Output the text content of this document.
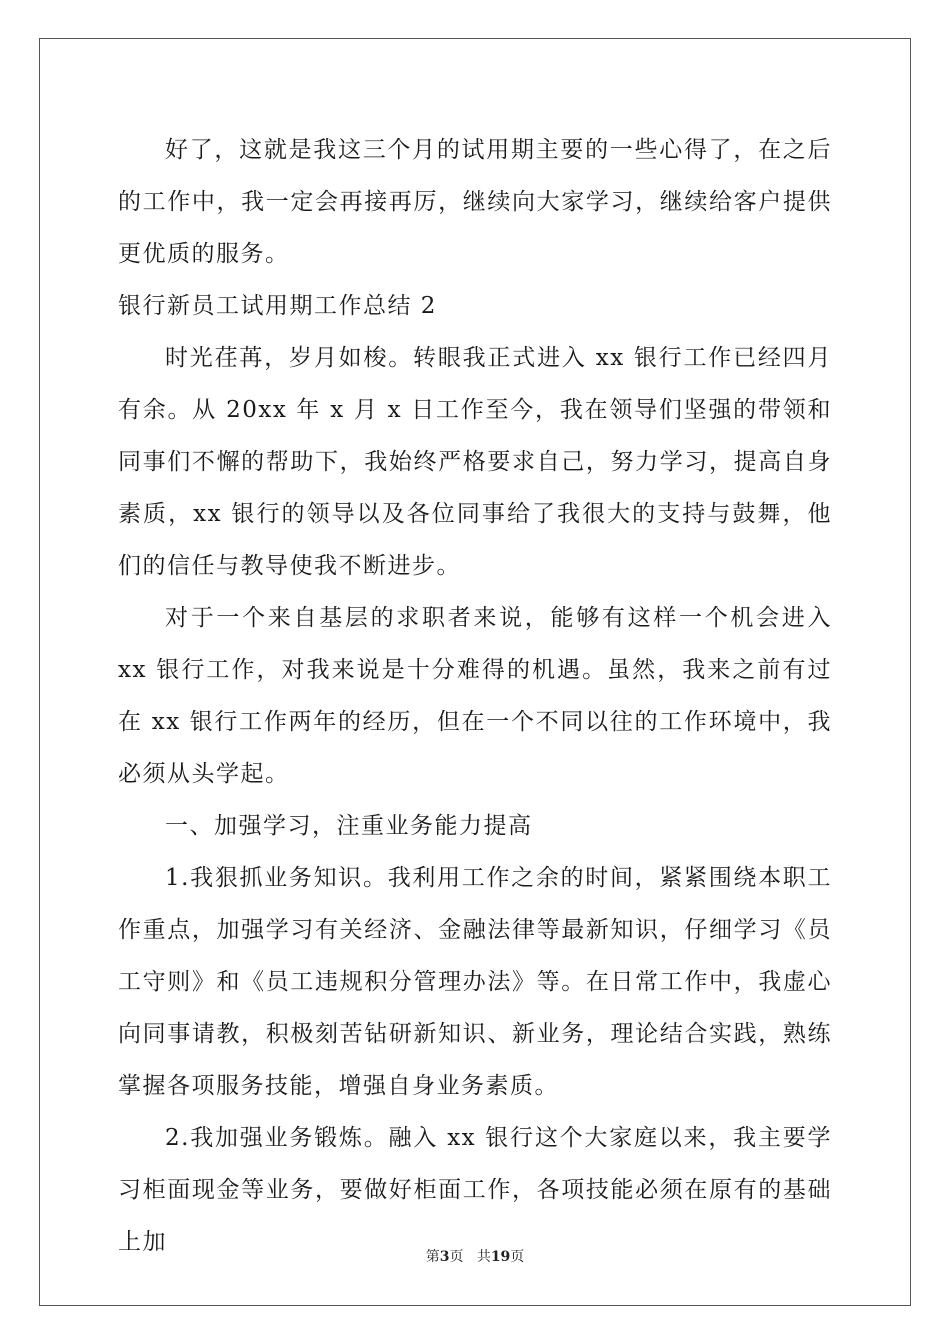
好了，这就是我这三个月的试用期主要的一些心得了，在之后的工作中，我一定会再接再厉，继续向大家学习，继续给客户提供更优质的服务。

银行新员工试用期工作总结 2

时光荏苒，岁月如梭。转眼我正式进入 xx 银行工作已经四月有余。从 20xx 年 x 月 x 日工作至今，我在领导们坚强的带领和同事们不懈的帮助下，我始终严格要求自己，努力学习，提高自身素质，xx 银行的领导以及各位同事给了我很大的支持与鼓舞，他们的信任与教导使我不断进步。

对于一个来自基层的求职者来说，能够有这样一个机会进入 xx 银行工作，对我来说是十分难得的机遇。虽然，我来之前有过在 xx 银行工作两年的经历，但在一个不同以往的工作环境中，我必须从头学起。

一、加强学习，注重业务能力提高

1.我狠抓业务知识。我利用工作之余的时间，紧紧围绕本职工作重点，加强学习有关经济、金融法律等最新知识，仔细学习《员工守则》和《员工违规积分管理办法》等。在日常工作中，我虚心向同事请教，积极刻苦钻研新知识、新业务，理论结合实践，熟练掌握各项服务技能，增强自身业务素质。

2.我加强业务锻炼。融入 xx 银行这个大家庭以来，我主要学习柜面现金等业务，要做好柜面工作，各项技能必须在原有的基础上加

第3页 共19页
